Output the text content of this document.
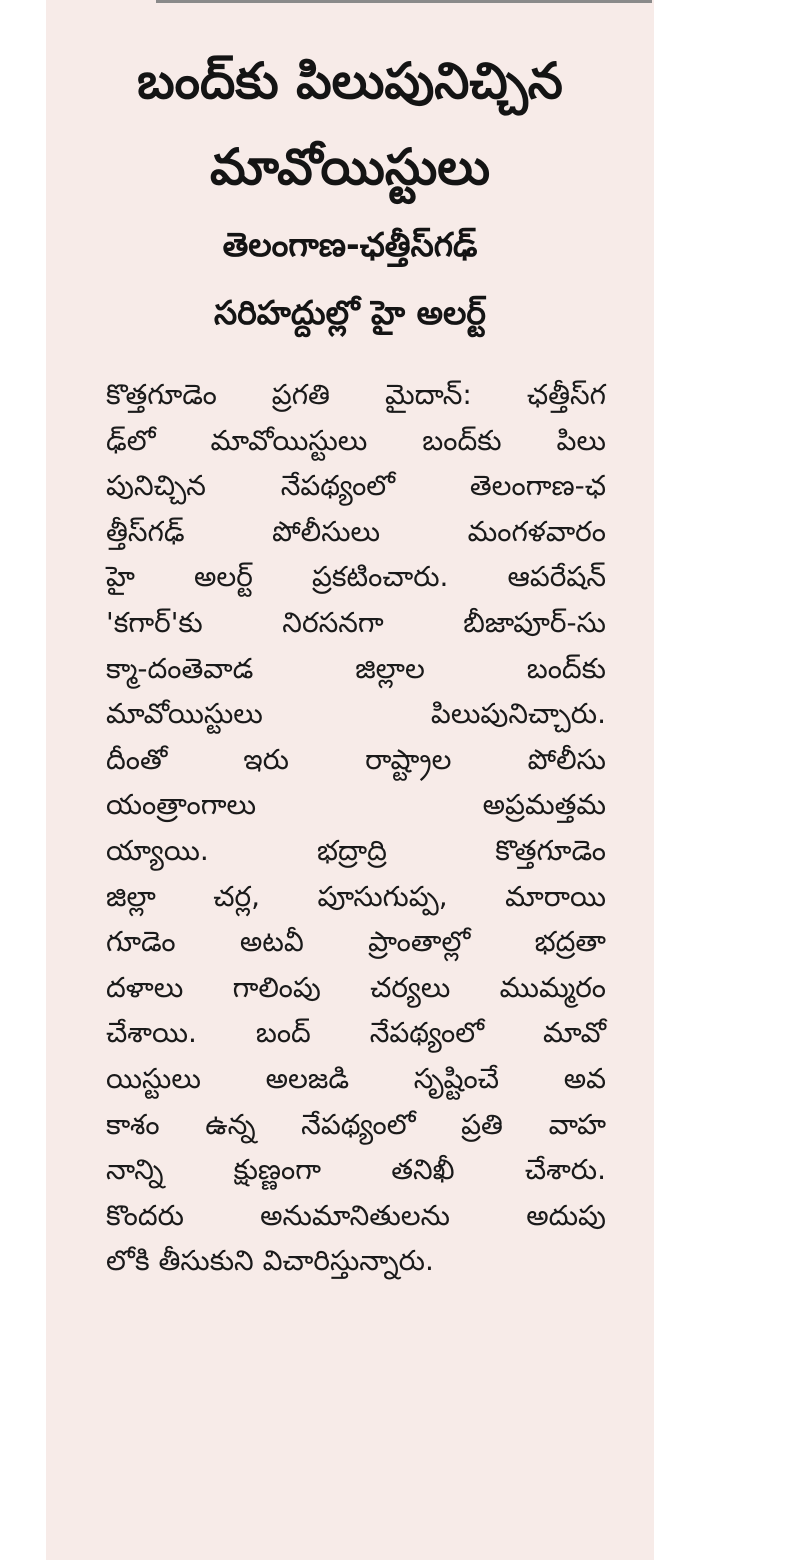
బంద్‌కు పిలుపునిచ్చిన
మావోయిస్టులు
తెలంగాణ-ఛత్తీస్‌గఢ్
సరిహద్దుల్లో హై అలర్ట్
కొత్తగూడెం ప్రగతి మైదాన్: ఛత్తీస్‌గ
ఢ్‌లో మావోయిస్టులు బంద్‌కు పిలు
పునిచ్చిన నేపథ్యంలో తెలంగాణ-ఛ
త్తీస్‌గఢ్ పోలీసులు మంగళవారం
హై అలర్ట్ ప్రకటించారు. ఆపరేషన్
'కగార్'కు నిరసనగా బీజాపూర్-సు
క్మా-దంతెవాడ జిల్లాల బంద్‌కు
మావోయిస్టులు పిలుపునిచ్చారు.
దీంతో ఇరు రాష్ట్రాల పోలీసు
యంత్రాంగాలు అప్రమత్తమ
య్యాయి. భద్రాద్రి కొత్తగూడెం
జిల్లా చర్ల, పూసుగుప్ప, మారాయి
గూడెం అటవీ ప్రాంతాల్లో భద్రతా
దళాలు గాలింపు చర్యలు ముమ్మరం
చేశాయి. బంద్ నేపథ్యంలో మావో
యిస్టులు అలజడి సృష్టించే అవ
కాశం ఉన్న నేపథ్యంలో ప్రతి వాహ
నాన్ని క్షుణ్ణంగా తనిఖీ చేశారు.
కొందరు అనుమానితులను అదుపు
లోకి తీసుకుని విచారిస్తున్నారు.
